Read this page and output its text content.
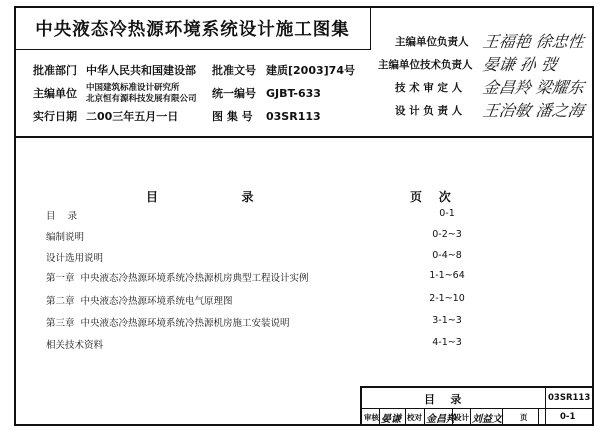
中央液态冷热源环境系统设计施工图集
批准部门 中华人民共和国建设部 批准文号 建质[2003]74号
主编单位 中国建筑标准设计研究所
北京恒有源科技发展有限公司 统一编号 GJBT-633
实行日期 二00三年五月一日	图 集 号 03SR113
主编单位负责人 王福艳 徐忠性
主编单位技术负责人 晏谦 孙 弢
技 术 审 定 人 金昌羚 梁耀东
设 计 负 责 人 王治敏 潘之海
目                    录	页    次
目    录	0-1
编制说明	0-2~3
设计选用说明	0-4~8
第一章  中央液态冷热源环境系统冷热源机房典型工程设计实例	1-1~64
第二章  中央液态冷热源环境系统电气原理图	2-1~10
第三章  中央液态冷热源环境系统冷热源机房施工安装说明	3-1~3
相关技术资料	4-1~3
目    录	03SR113
审核 晏谦 校对 金昌羚
设计 刘益文 页	0-1
